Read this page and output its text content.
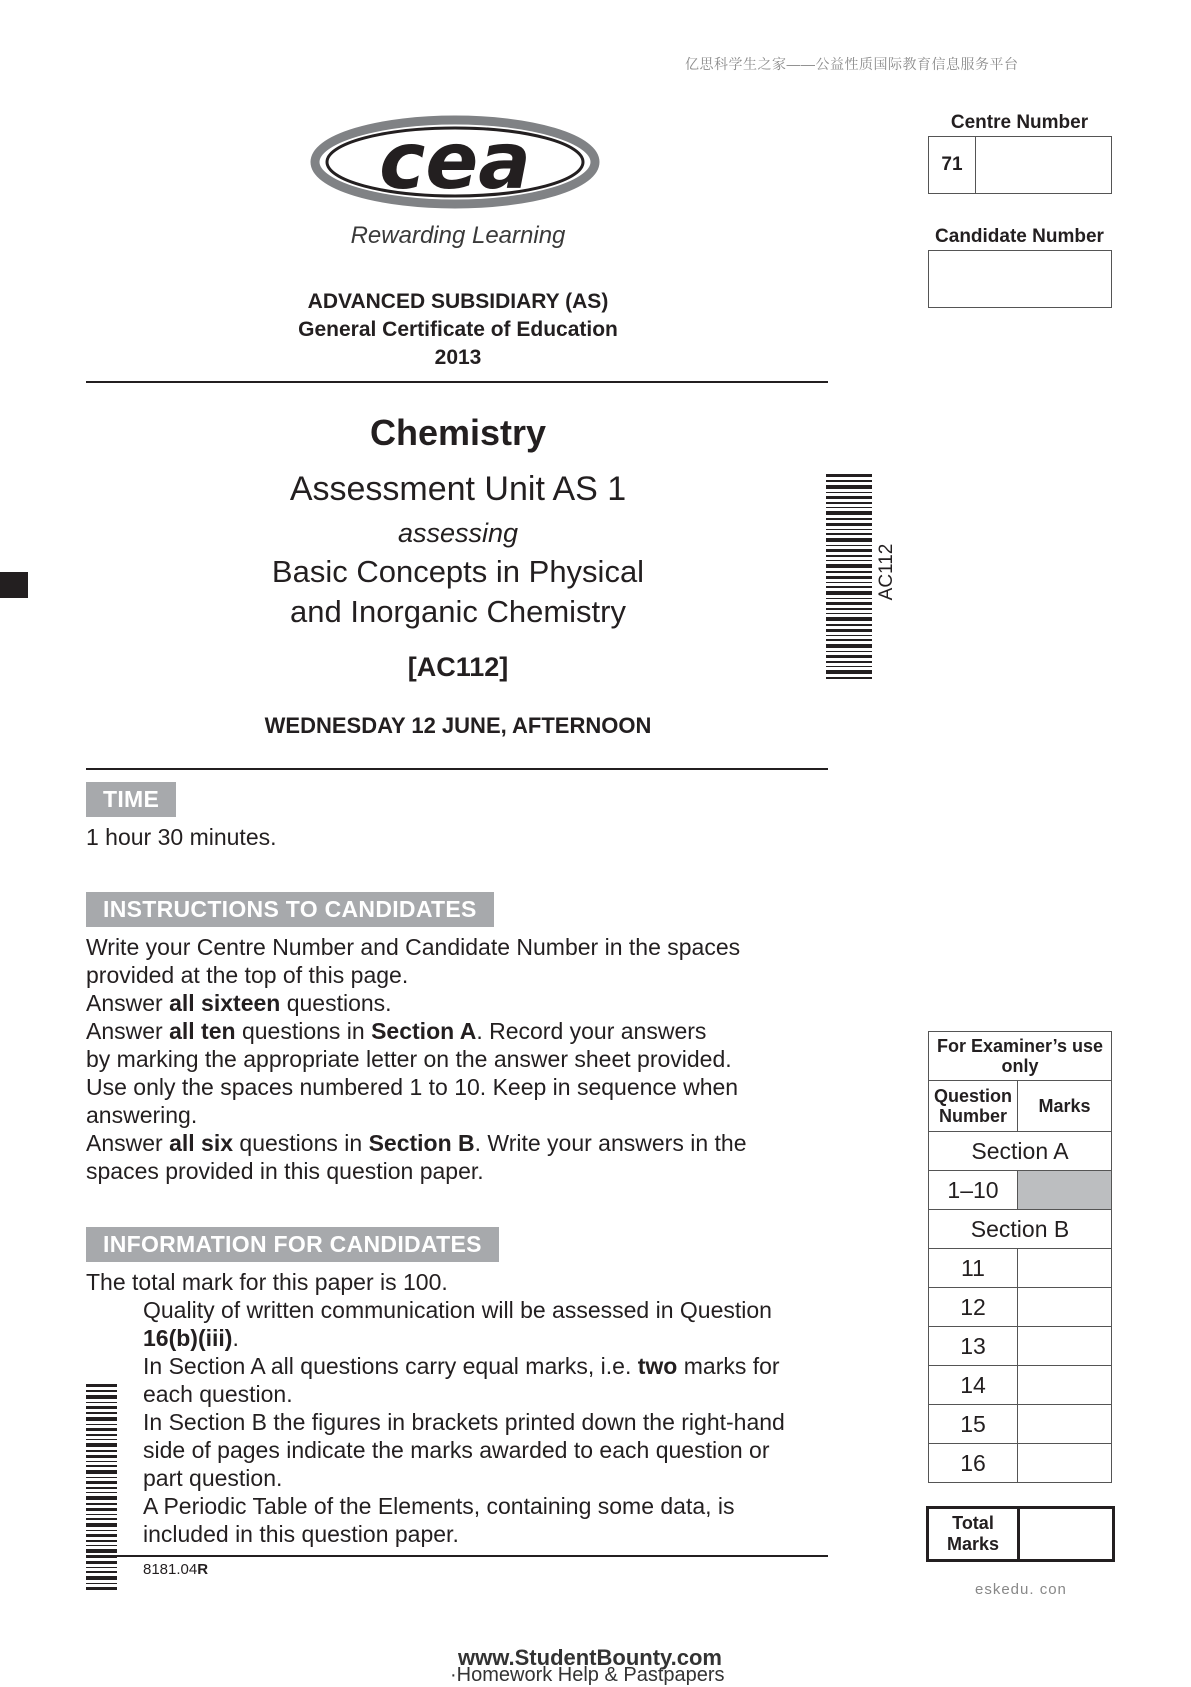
亿思科学生之家——公益性质国际教育信息服务平台
cea
Rewarding Learning
ADVANCED SUBSIDIARY (AS)
General Certificate of Education
2013
Chemistry
Assessment Unit AS 1
assessing
Basic Concepts in Physical
and Inorganic Chemistry
[AC112]
WEDNESDAY 12 JUNE, AFTERNOON
AC112
Centre Number
71
Candidate Number
TIME
1 hour 30 minutes.
INSTRUCTIONS TO CANDIDATES
Write your Centre Number and Candidate Number in the spaces
provided at the top of this page.
Answer all sixteen questions.
Answer all ten questions in Section A. Record your answers
by marking the appropriate letter on the answer sheet provided.
Use only the spaces numbered 1 to 10. Keep in sequence when
answering.
Answer all six questions in Section B. Write your answers in the
spaces provided in this question paper.
INFORMATION FOR CANDIDATES
The total mark for this paper is 100.
Quality of written communication will be assessed in Question
16(b)(iii).
In Section A all questions carry equal marks, i.e. two marks for
each question.
In Section B the figures in brackets printed down the right-hand
side of pages indicate the marks awarded to each question or
part question.
A Periodic Table of the Elements, containing some data, is
included in this question paper.
8181.04R
For Examiner’s use only	
Question Number	Marks
Section A	
1–10	
Section B	
11	
12	
13	
14	
15	
16	
Total Marks
eskedu. con
www.StudentBounty.com
·Homework Help & Pastpapers
